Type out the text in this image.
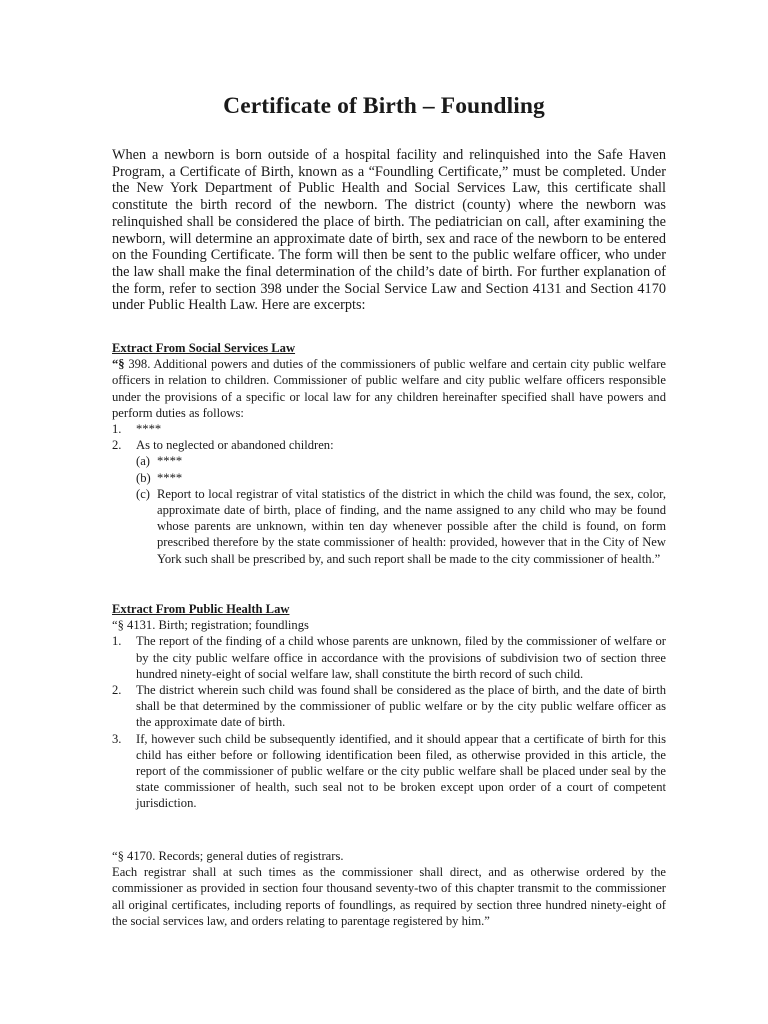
Certificate of Birth – Foundling

When a newborn is born outside of a hospital facility and relinquished into the Safe Haven Program, a Certificate of Birth, known as a “Foundling Certificate,” must be completed. Under the New York Department of Public Health and Social Services Law, this certificate shall constitute the birth record of the newborn. The district (county) where the newborn was relinquished shall be considered the place of birth. The pediatrician on call, after examining the newborn, will determine an approximate date of birth, sex and race of the newborn to be entered on the Founding Certificate. The form will then be sent to the public welfare officer, who under the law shall make the final determination of the child’s date of birth. For further explanation of the form, refer to section 398 under the Social Service Law and Section 4131 and Section 4170 under Public Health Law. Here are excerpts:

Extract From Social Services Law

“§ 398. Additional powers and duties of the commissioners of public welfare and certain city public welfare officers in relation to children. Commissioner of public welfare and city public welfare officers responsible under the provisions of a specific or local law for any children hereinafter specified shall have powers and perform duties as follows:

1.	****
2.	As to neglected or abandoned children:
(a) ****
(b) ****
(c) Report to local registrar of vital statistics of the district in which the child was found, the sex, color, approximate date of birth, place of finding, and the name assigned to any child who may be found whose parents are unknown, within ten day whenever possible after the child is found, on form prescribed therefore by the state commissioner of health: provided, however that in the City of New York such shall be prescribed by, and such report shall be made to the city commissioner of health.”
Extract From Public Health Law

“§ 4131. Birth; registration; foundlings

1.	The report of the finding of a child whose parents are unknown, filed by the commissioner of welfare or by the city public welfare office in accordance with the provisions of subdivision two of section three hundred ninety-eight of social welfare law, shall constitute the birth record of such child.
2.	The district wherein such child was found shall be considered as the place of birth, and the date of birth shall be that determined by the commissioner of public welfare or by the city public welfare officer as the approximate date of birth.
3.	If, however such child be subsequently identified, and it should appear that a certificate of birth for this child has either before or following identification been filed, as otherwise provided in this article, the report of the commissioner of public welfare or the city public welfare shall be placed under seal by the state commissioner of health, such seal not to be broken except upon order of a court of competent jurisdiction.

“§ 4170. Records; general duties of registrars.

Each registrar shall at such times as the commissioner shall direct, and as otherwise ordered by the commissioner as provided in section four thousand seventy-two of this chapter transmit to the commissioner all original certificates, including reports of foundlings, as required by section three hundred ninety-eight of the social services law, and orders relating to parentage registered by him.”
